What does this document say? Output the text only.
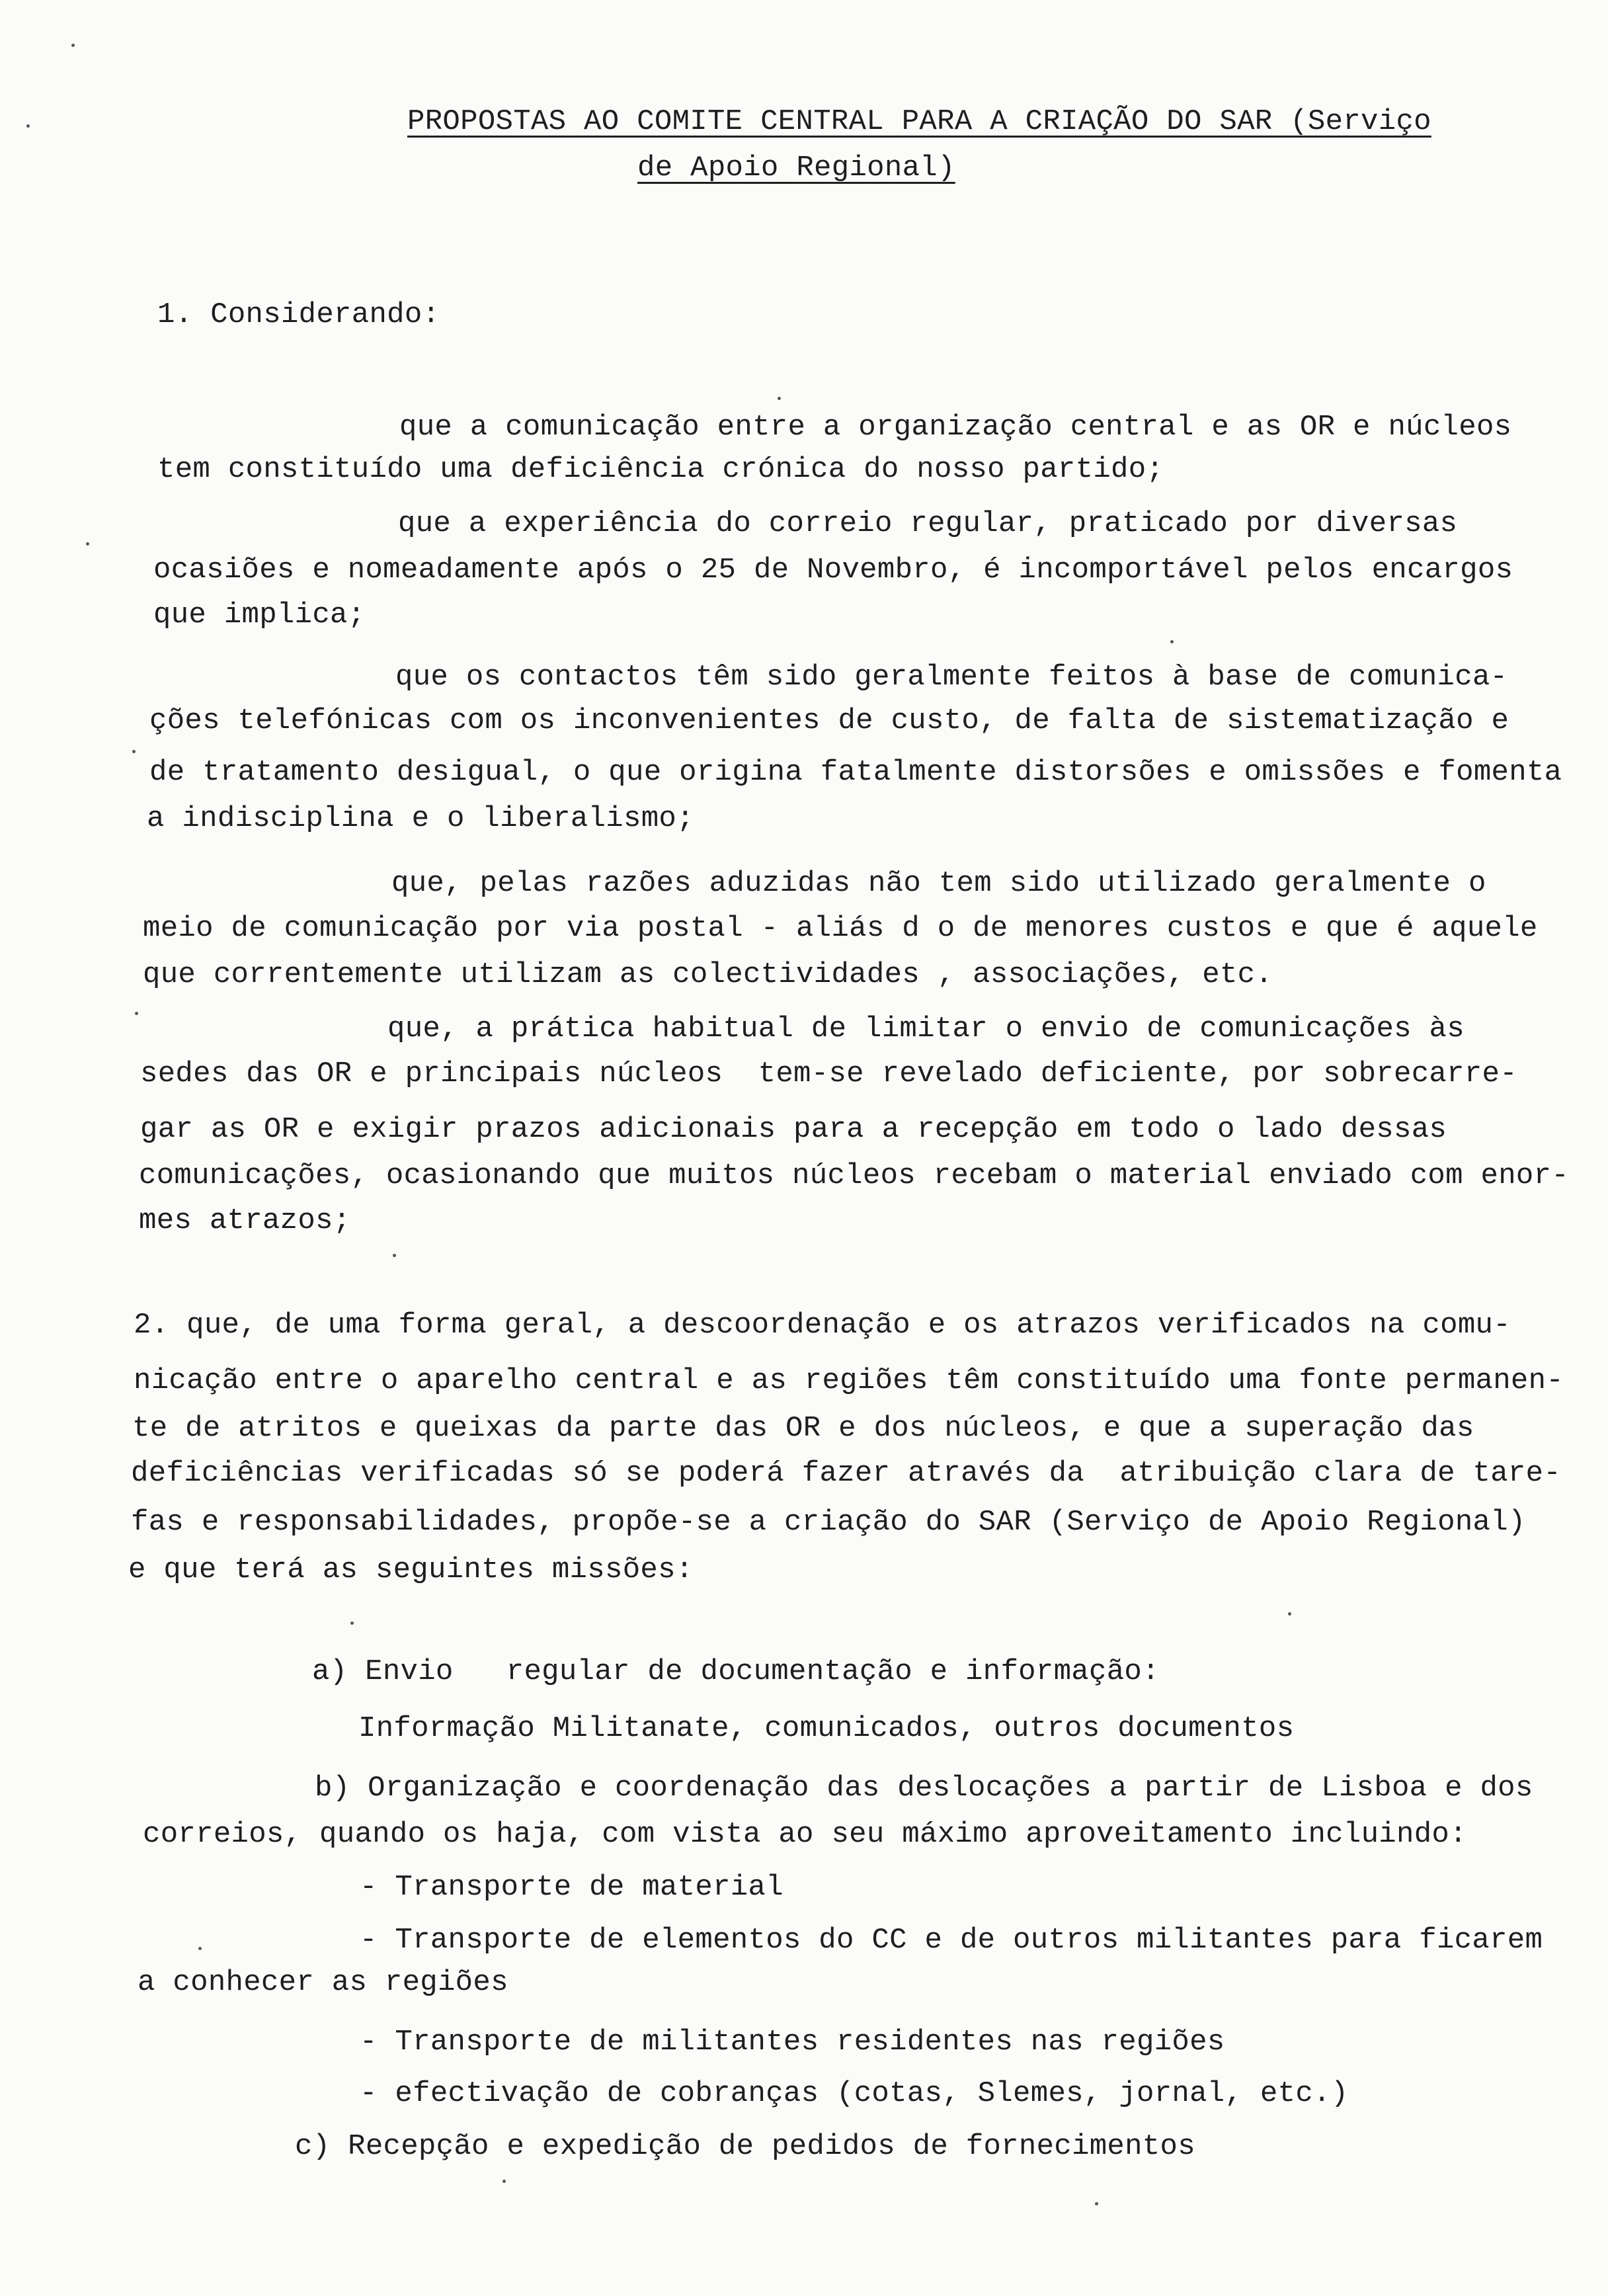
PROPOSTAS AO COMITE CENTRAL PARA A CRIAÇÃO DO SAR (Serviço
de Apoio Regional)
1. Considerando:
que a comunicação entre a organização central e as OR e núcleos
tem constituído uma deficiência crónica do nosso partido;
que a experiência do correio regular, praticado por diversas
ocasiões e nomeadamente após o 25 de Novembro, é incomportável pelos encargos
que implica;
que os contactos têm sido geralmente feitos à base de comunica-
ções telefónicas com os inconvenientes de custo, de falta de sistematização e
de tratamento desigual, o que origina fatalmente distorsões e omissões e fomenta
a indisciplina e o liberalismo;
que, pelas razões aduzidas não tem sido utilizado geralmente o
meio de comunicação por via postal - aliás d o de menores custos e que é aquele
que correntemente utilizam as colectividades , associações, etc.
que, a prática habitual de limitar o envio de comunicações às
sedes das OR e principais núcleos  tem-se revelado deficiente, por sobrecarre-
gar as OR e exigir prazos adicionais para a recepção em todo o lado dessas
comunicações, ocasionando que muitos núcleos recebam o material enviado com enor-
mes atrazos;
2. que, de uma forma geral, a descoordenação e os atrazos verificados na comu-
nicação entre o aparelho central e as regiões têm constituído uma fonte permanen-
te de atritos e queixas da parte das OR e dos núcleos, e que a superação das
deficiências verificadas só se poderá fazer através da  atribuição clara de tare-
fas e responsabilidades, propõe-se a criação do SAR (Serviço de Apoio Regional)
e que terá as seguintes missões:
a) Envio   regular de documentação e informação:
Informação Militanate, comunicados, outros documentos
b) Organização e coordenação das deslocações a partir de Lisboa e dos
correios, quando os haja, com vista ao seu máximo aproveitamento incluindo:
- Transporte de material
- Transporte de elementos do CC e de outros militantes para ficarem
a conhecer as regiões
- Transporte de militantes residentes nas regiões
- efectivação de cobranças (cotas, Slemes, jornal, etc.)
c) Recepção e expedição de pedidos de fornecimentos
